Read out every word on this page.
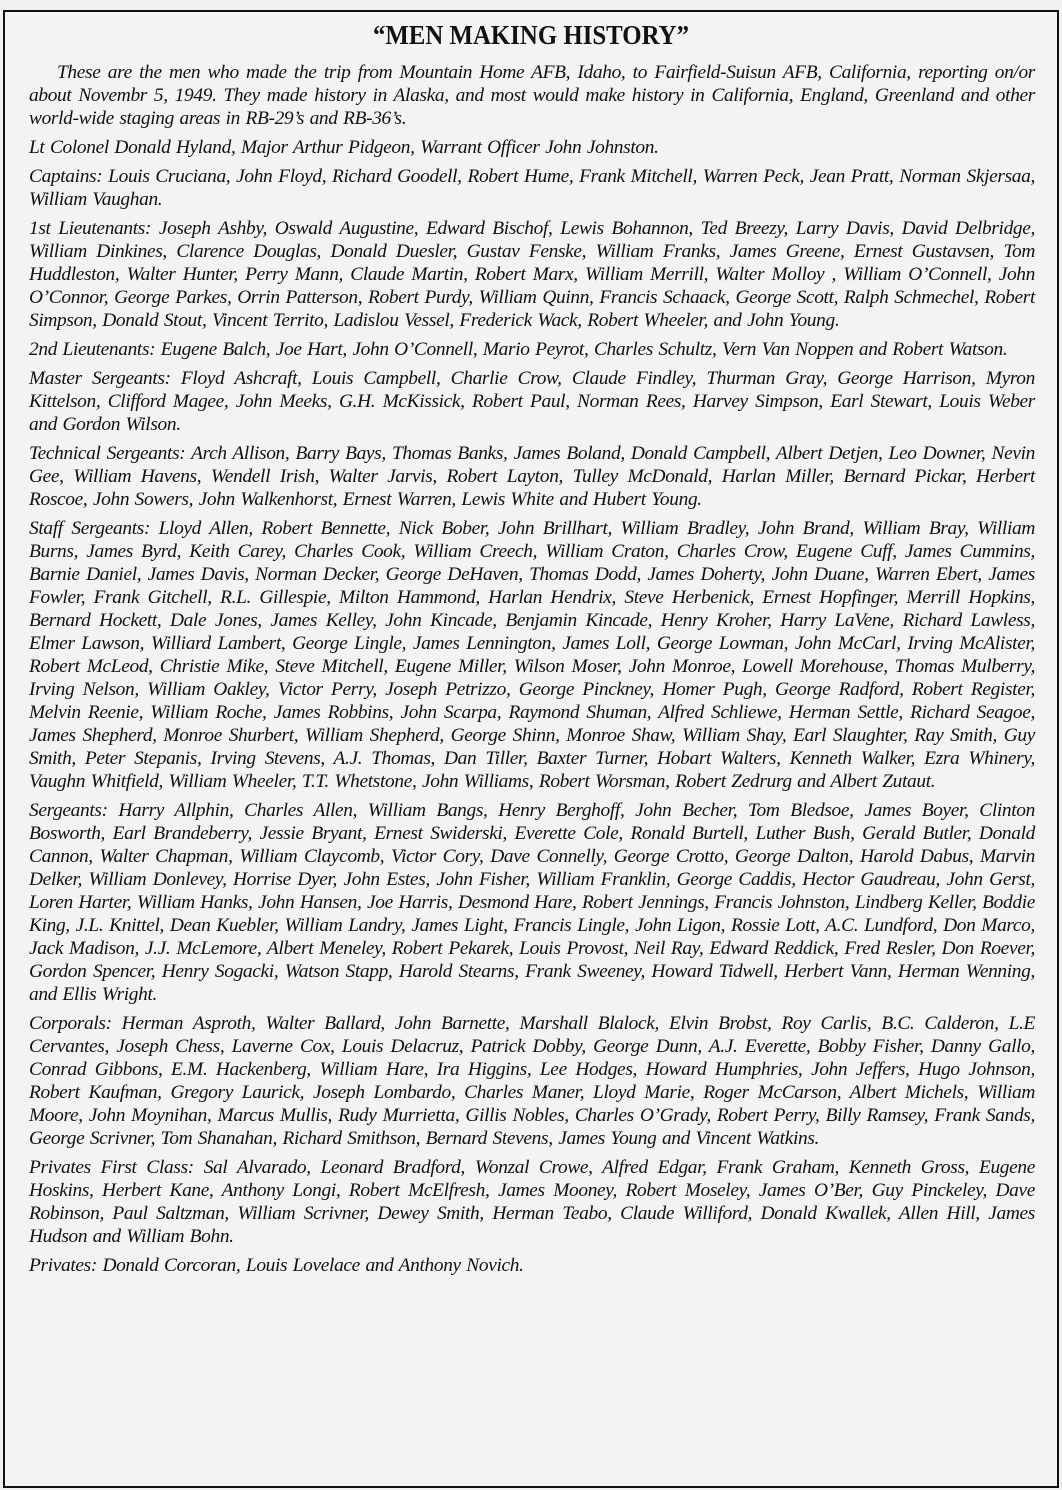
“MEN MAKING HISTORY”

These are the men who made the trip from Mountain Home AFB, Idaho, to Fairfield-Suisun AFB, California, reporting on/or about Novembr 5, 1949. They made history in Alaska, and most would make history in California, England, Greenland and other world-wide staging areas in RB-29’s and RB-36’s.

Lt Colonel Donald Hyland, Major Arthur Pidgeon, Warrant Officer John Johnston.

Captains: Louis Cruciana, John Floyd, Richard Goodell, Robert Hume, Frank Mitchell, Warren Peck, Jean Pratt, Norman Skjersaa, William Vaughan.

1st Lieutenants: Joseph Ashby, Oswald Augustine, Edward Bischof, Lewis Bohannon, Ted Breezy, Larry Davis, David Delbridge, William Dinkines, Clarence Douglas, Donald Duesler, Gustav Fenske, William Franks, James Greene, Ernest Gustavsen, Tom Huddleston, Walter Hunter, Perry Mann, Claude Martin, Robert Marx, William Merrill, Walter Molloy , William O’Connell, John O’Connor, George Parkes, Orrin Patterson, Robert Purdy, William Quinn, Francis Schaack, George Scott, Ralph Schmechel, Robert Simpson, Donald Stout, Vincent Territo, Ladislou Vessel, Frederick Wack, Robert Wheeler, and John Young.

2nd Lieutenants: Eugene Balch, Joe Hart, John O’Connell, Mario Peyrot, Charles Schultz, Vern Van Noppen and Robert Watson.

Master Sergeants: Floyd Ashcraft, Louis Campbell, Charlie Crow, Claude Findley, Thurman Gray, George Harrison, Myron Kittelson, Clifford Magee, John Meeks, G.H. McKissick, Robert Paul, Norman Rees, Harvey Simpson, Earl Stewart, Louis Weber and Gordon Wilson.

Technical Sergeants: Arch Allison, Barry Bays, Thomas Banks, James Boland, Donald Campbell, Albert Detjen, Leo Downer, Nevin Gee, William Havens, Wendell Irish, Walter Jarvis, Robert Layton, Tulley McDonald, Harlan Miller, Bernard Pickar, Herbert Roscoe, John Sowers, John Walkenhorst, Ernest Warren, Lewis White and Hubert Young.

Staff Sergeants: Lloyd Allen, Robert Bennette, Nick Bober, John Brillhart, William Bradley, John Brand, William Bray, William Burns, James Byrd, Keith Carey, Charles Cook, William Creech, William Craton, Charles Crow, Eugene Cuff, James Cummins, Barnie Daniel, James Davis, Norman Decker, George DeHaven, Thomas Dodd, James Doherty, John Duane, Warren Ebert, James Fowler, Frank Gitchell, R.L. Gillespie, Milton Hammond, Harlan Hendrix, Steve Herbenick, Ernest Hopfinger, Merrill Hopkins, Bernard Hockett, Dale Jones, James Kelley, John Kincade, Benjamin Kincade, Henry Kroher, Harry LaVene, Richard Lawless, Elmer Lawson, Williard Lambert, George Lingle, James Lennington, James Loll, George Lowman, John McCarl, Irving McAlister, Robert McLeod, Christie Mike, Steve Mitchell, Eugene Miller, Wilson Moser, John Monroe, Lowell Morehouse, Thomas Mulberry, Irving Nelson, William Oakley, Victor Perry, Joseph Petrizzo, George Pinckney, Homer Pugh, George Radford, Robert Register, Melvin Reenie, William Roche, James Robbins, John Scarpa, Raymond Shuman, Alfred Schliewe, Herman Settle, Richard Seagoe, James Shepherd, Monroe Shurbert, William Shepherd, George Shinn, Monroe Shaw, William Shay, Earl Slaughter, Ray Smith, Guy Smith, Peter Stepanis, Irving Stevens, A.J. Thomas, Dan Tiller, Baxter Turner, Hobart Walters, Kenneth Walker, Ezra Whinery, Vaughn Whitfield, William Wheeler, T.T. Whetstone, John Williams, Robert Worsman, Robert Zedrurg and Albert Zutaut.

Sergeants: Harry Allphin, Charles Allen, William Bangs, Henry Berghoff, John Becher, Tom Bledsoe, James Boyer, Clinton Bosworth, Earl Brandeberry, Jessie Bryant, Ernest Swiderski, Everette Cole, Ronald Burtell, Luther Bush, Gerald Butler, Donald Cannon, Walter Chapman, William Claycomb, Victor Cory, Dave Connelly, George Crotto, George Dalton, Harold Dabus, Marvin Delker, William Donlevey, Horrise Dyer, John Estes, John Fisher, William Franklin, George Caddis, Hector Gaudreau, John Gerst, Loren Harter, William Hanks, John Hansen, Joe Harris, Desmond Hare, Robert Jennings, Francis Johnston, Lindberg Keller, Boddie King, J.L. Knittel, Dean Kuebler, William Landry, James Light, Francis Lingle, John Ligon, Rossie Lott, A.C. Lundford, Don Marco, Jack Madison, J.J. McLemore, Albert Meneley, Robert Pekarek, Louis Provost, Neil Ray, Edward Reddick, Fred Resler, Don Roever, Gordon Spencer, Henry Sogacki, Watson Stapp, Harold Stearns, Frank Sweeney, Howard Tidwell, Herbert Vann, Herman Wenning, and Ellis Wright.

Corporals: Herman Asproth, Walter Ballard, John Barnette, Marshall Blalock, Elvin Brobst, Roy Carlis, B.C. Calderon, L.E Cervantes, Joseph Chess, Laverne Cox, Louis Delacruz, Patrick Dobby, George Dunn, A.J. Everette, Bobby Fisher, Danny Gallo, Conrad Gibbons, E.M. Hackenberg, William Hare, Ira Higgins, Lee Hodges, Howard Humphries, John Jeffers, Hugo Johnson, Robert Kaufman, Gregory Laurick, Joseph Lombardo, Charles Maner, Lloyd Marie, Roger McCarson, Albert Michels, William Moore, John Moynihan, Marcus Mullis, Rudy Murrietta, Gillis Nobles, Charles O’Grady, Robert Perry, Billy Ramsey, Frank Sands, George Scrivner, Tom Shanahan, Richard Smithson, Bernard Stevens, James Young and Vincent Watkins.

Privates First Class: Sal Alvarado, Leonard Bradford, Wonzal Crowe, Alfred Edgar, Frank Graham, Kenneth Gross, Eugene Hoskins, Herbert Kane, Anthony Longi, Robert McElfresh, James Mooney, Robert Moseley, James O’Ber, Guy Pinckeley, Dave Robinson, Paul Saltzman, William Scrivner, Dewey Smith, Herman Teabo, Claude Williford, Donald Kwallek, Allen Hill, James Hudson and William Bohn.

Privates: Donald Corcoran, Louis Lovelace and Anthony Novich.
